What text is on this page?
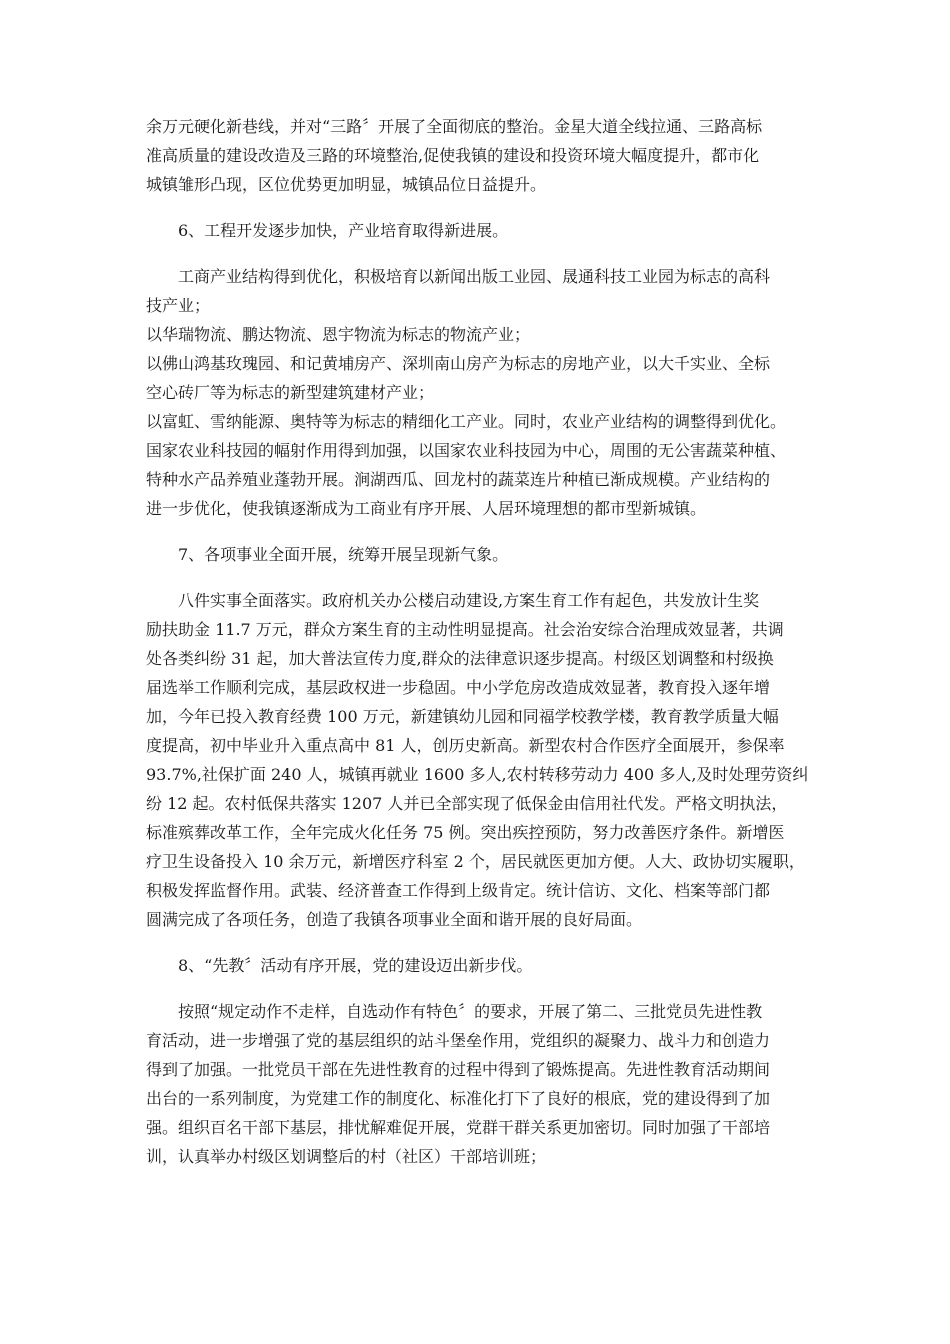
余万元硬化新巷线，并对“三路〞开展了全面彻底的整治。金星大道全线拉通、三路高标
准高质量的建设改造及三路的环境整治,促使我镇的建设和投资环境大幅度提升，都市化
城镇雏形凸现，区位优势更加明显，城镇品位日益提升。
6、工程开发逐步加快，产业培育取得新进展。
工商产业结构得到优化，积极培育以新闻出版工业园、晟通科技工业园为标志的高科
技产业；
以华瑞物流、鹏达物流、恩宇物流为标志的物流产业；
以佛山鸿基玫瑰园、和记黄埔房产、深圳南山房产为标志的房地产业，以大千实业、全标
空心砖厂等为标志的新型建筑建材产业；
以富虹、雪纳能源、奥特等为标志的精细化工产业。同时，农业产业结构的调整得到优化。
国家农业科技园的幅射作用得到加强，以国家农业科技园为中心，周围的无公害蔬菜种植、
特种水产品养殖业蓬勃开展。涧湖西瓜、回龙村的蔬菜连片种植已渐成规模。产业结构的
进一步优化，使我镇逐渐成为工商业有序开展、人居环境理想的都市型新城镇。
7、各项事业全面开展，统筹开展呈现新气象。
八件实事全面落实。政府机关办公楼启动建设,方案生育工作有起色，共发放计生奖
励扶助金 11.7 万元，群众方案生育的主动性明显提高。社会治安综合治理成效显著，共调
处各类纠纷 31 起，加大普法宣传力度,群众的法律意识逐步提高。村级区划调整和村级换
届选举工作顺利完成，基层政权进一步稳固。中小学危房改造成效显著，教育投入逐年增
加，今年已投入教育经费 100 万元，新建镇幼儿园和同福学校教学楼，教育教学质量大幅
度提高，初中毕业升入重点高中 81 人，创历史新高。新型农村合作医疗全面展开，参保率
93.7%,社保扩面 240 人，城镇再就业 1600 多人,农村转移劳动力 400 多人,及时处理劳资纠
纷 12 起。农村低保共落实 1207 人并已全部实现了低保金由信用社代发。严格文明执法，
标准殡葬改革工作，全年完成火化任务 75 例。突出疾控预防，努力改善医疗条件。新增医
疗卫生设备投入 10 余万元，新增医疗科室 2 个，居民就医更加方便。人大、政协切实履职，
积极发挥监督作用。武装、经济普查工作得到上级肯定。统计信访、文化、档案等部门都
圆满完成了各项任务，创造了我镇各项事业全面和谐开展的良好局面。
8、“先教〞活动有序开展，党的建设迈出新步伐。
按照“规定动作不走样，自选动作有特色〞的要求，开展了第二、三批党员先进性教
育活动，进一步增强了党的基层组织的站斗堡垒作用，党组织的凝聚力、战斗力和创造力
得到了加强。一批党员干部在先进性教育的过程中得到了锻炼提高。先进性教育活动期间
出台的一系列制度，为党建工作的制度化、标准化打下了良好的根底，党的建设得到了加
强。组织百名干部下基层，排忧解难促开展，党群干群关系更加密切。同时加强了干部培
训，认真举办村级区划调整后的村（社区）干部培训班；
